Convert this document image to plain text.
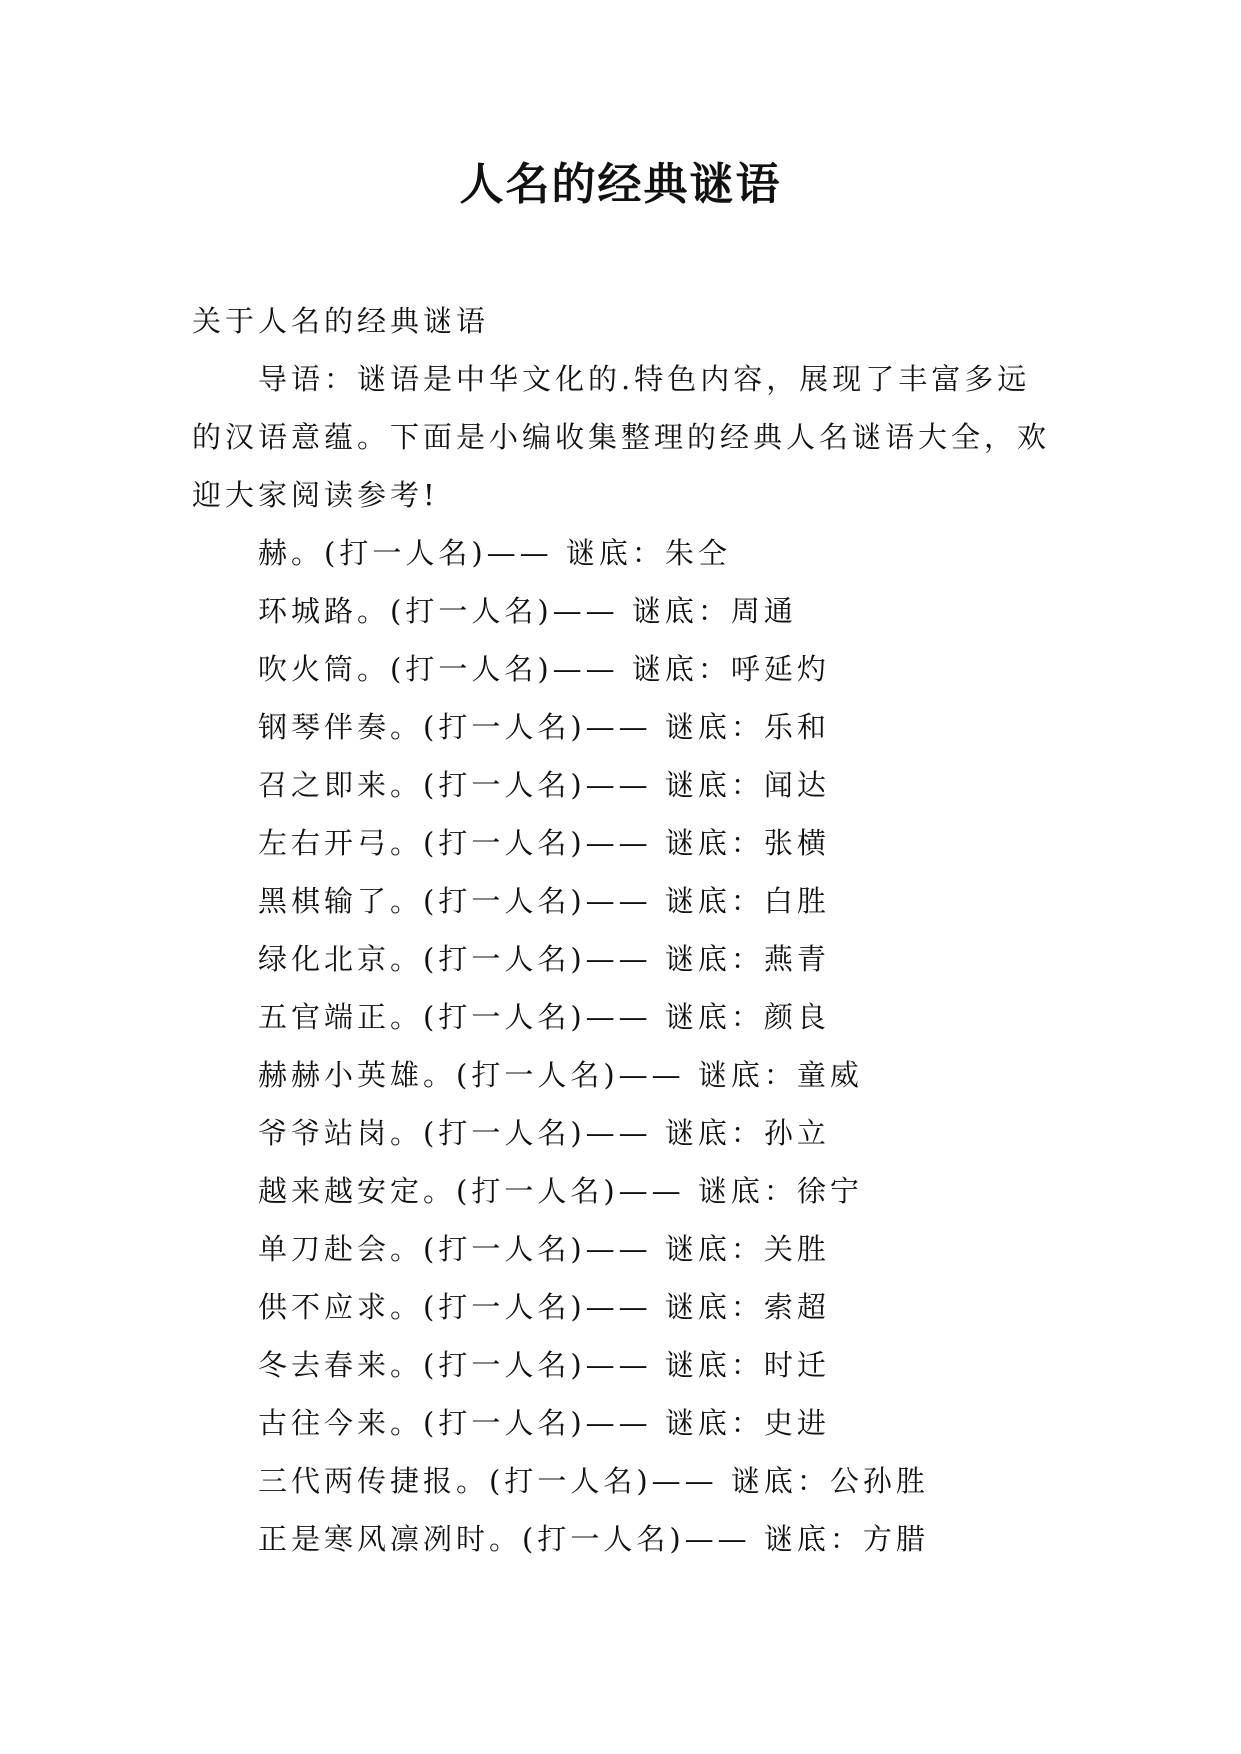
人名的经典谜语
关于人名的经典谜语
导语：谜语是中华文化的.特色内容，展现了丰富多远
的汉语意蕴。下面是小编收集整理的经典人名谜语大全，欢
迎大家阅读参考!
赫。(打一人名)—— 谜底：朱仝
环城路。(打一人名)—— 谜底：周通
吹火筒。(打一人名)—— 谜底：呼延灼
钢琴伴奏。(打一人名)—— 谜底：乐和
召之即来。(打一人名)—— 谜底：闻达
左右开弓。(打一人名)—— 谜底：张横
黑棋输了。(打一人名)—— 谜底：白胜
绿化北京。(打一人名)—— 谜底：燕青
五官端正。(打一人名)—— 谜底：颜良
赫赫小英雄。(打一人名)—— 谜底：童威
爷爷站岗。(打一人名)—— 谜底：孙立
越来越安定。(打一人名)—— 谜底：徐宁
单刀赴会。(打一人名)—— 谜底：关胜
供不应求。(打一人名)—— 谜底：索超
冬去春来。(打一人名)—— 谜底：时迁
古往今来。(打一人名)—— 谜底：史进
三代两传捷报。(打一人名)—— 谜底：公孙胜
正是寒风凛冽时。(打一人名)—— 谜底：方腊
